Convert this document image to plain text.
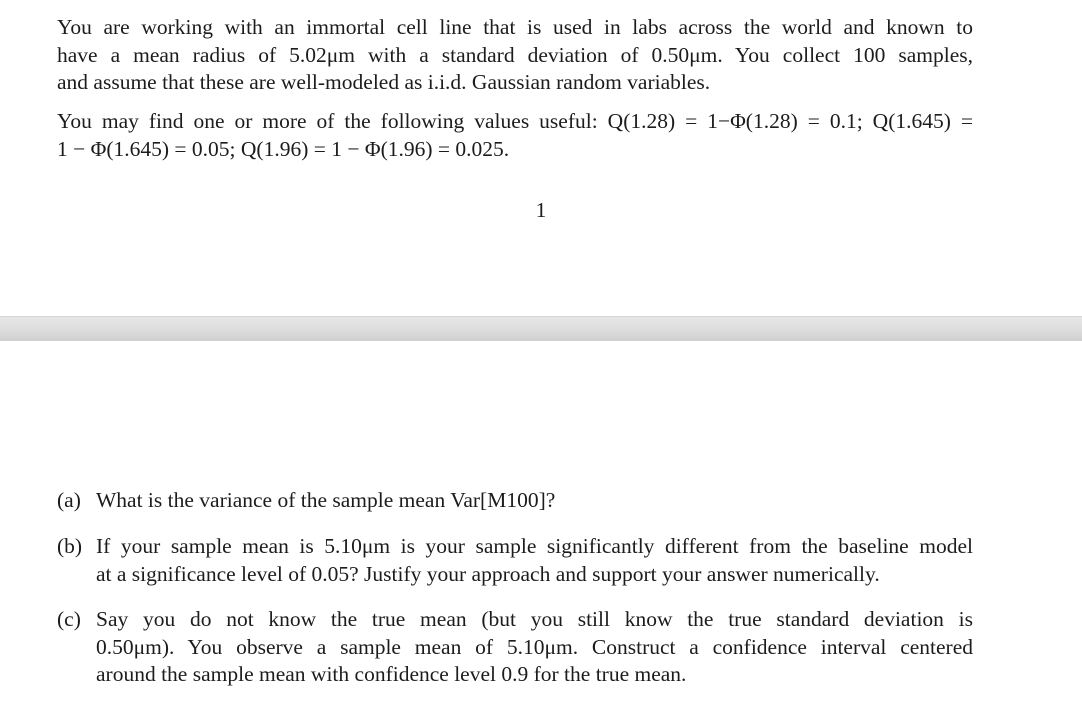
You are working with an immortal cell line that is used in labs across the world and known to
have a mean radius of 5.02μm with a standard deviation of 0.50μm. You collect 100 samples,
and assume that these are well-modeled as i.i.d. Gaussian random variables.
You may find one or more of the following values useful: Q(1.28) = 1−Φ(1.28) = 0.1; Q(1.645) =
1 − Φ(1.645) = 0.05; Q(1.96) = 1 − Φ(1.96) = 0.025.
1
(a) What is the variance of the sample mean Var[M100]?
(b) If your sample mean is 5.10μm is your sample significantly different from the baseline model
at a significance level of 0.05? Justify your approach and support your answer numerically.
(c) Say you do not know the true mean (but you still know the true standard deviation is
0.50μm). You observe a sample mean of 5.10μm. Construct a confidence interval centered
around the sample mean with confidence level 0.9 for the true mean.
